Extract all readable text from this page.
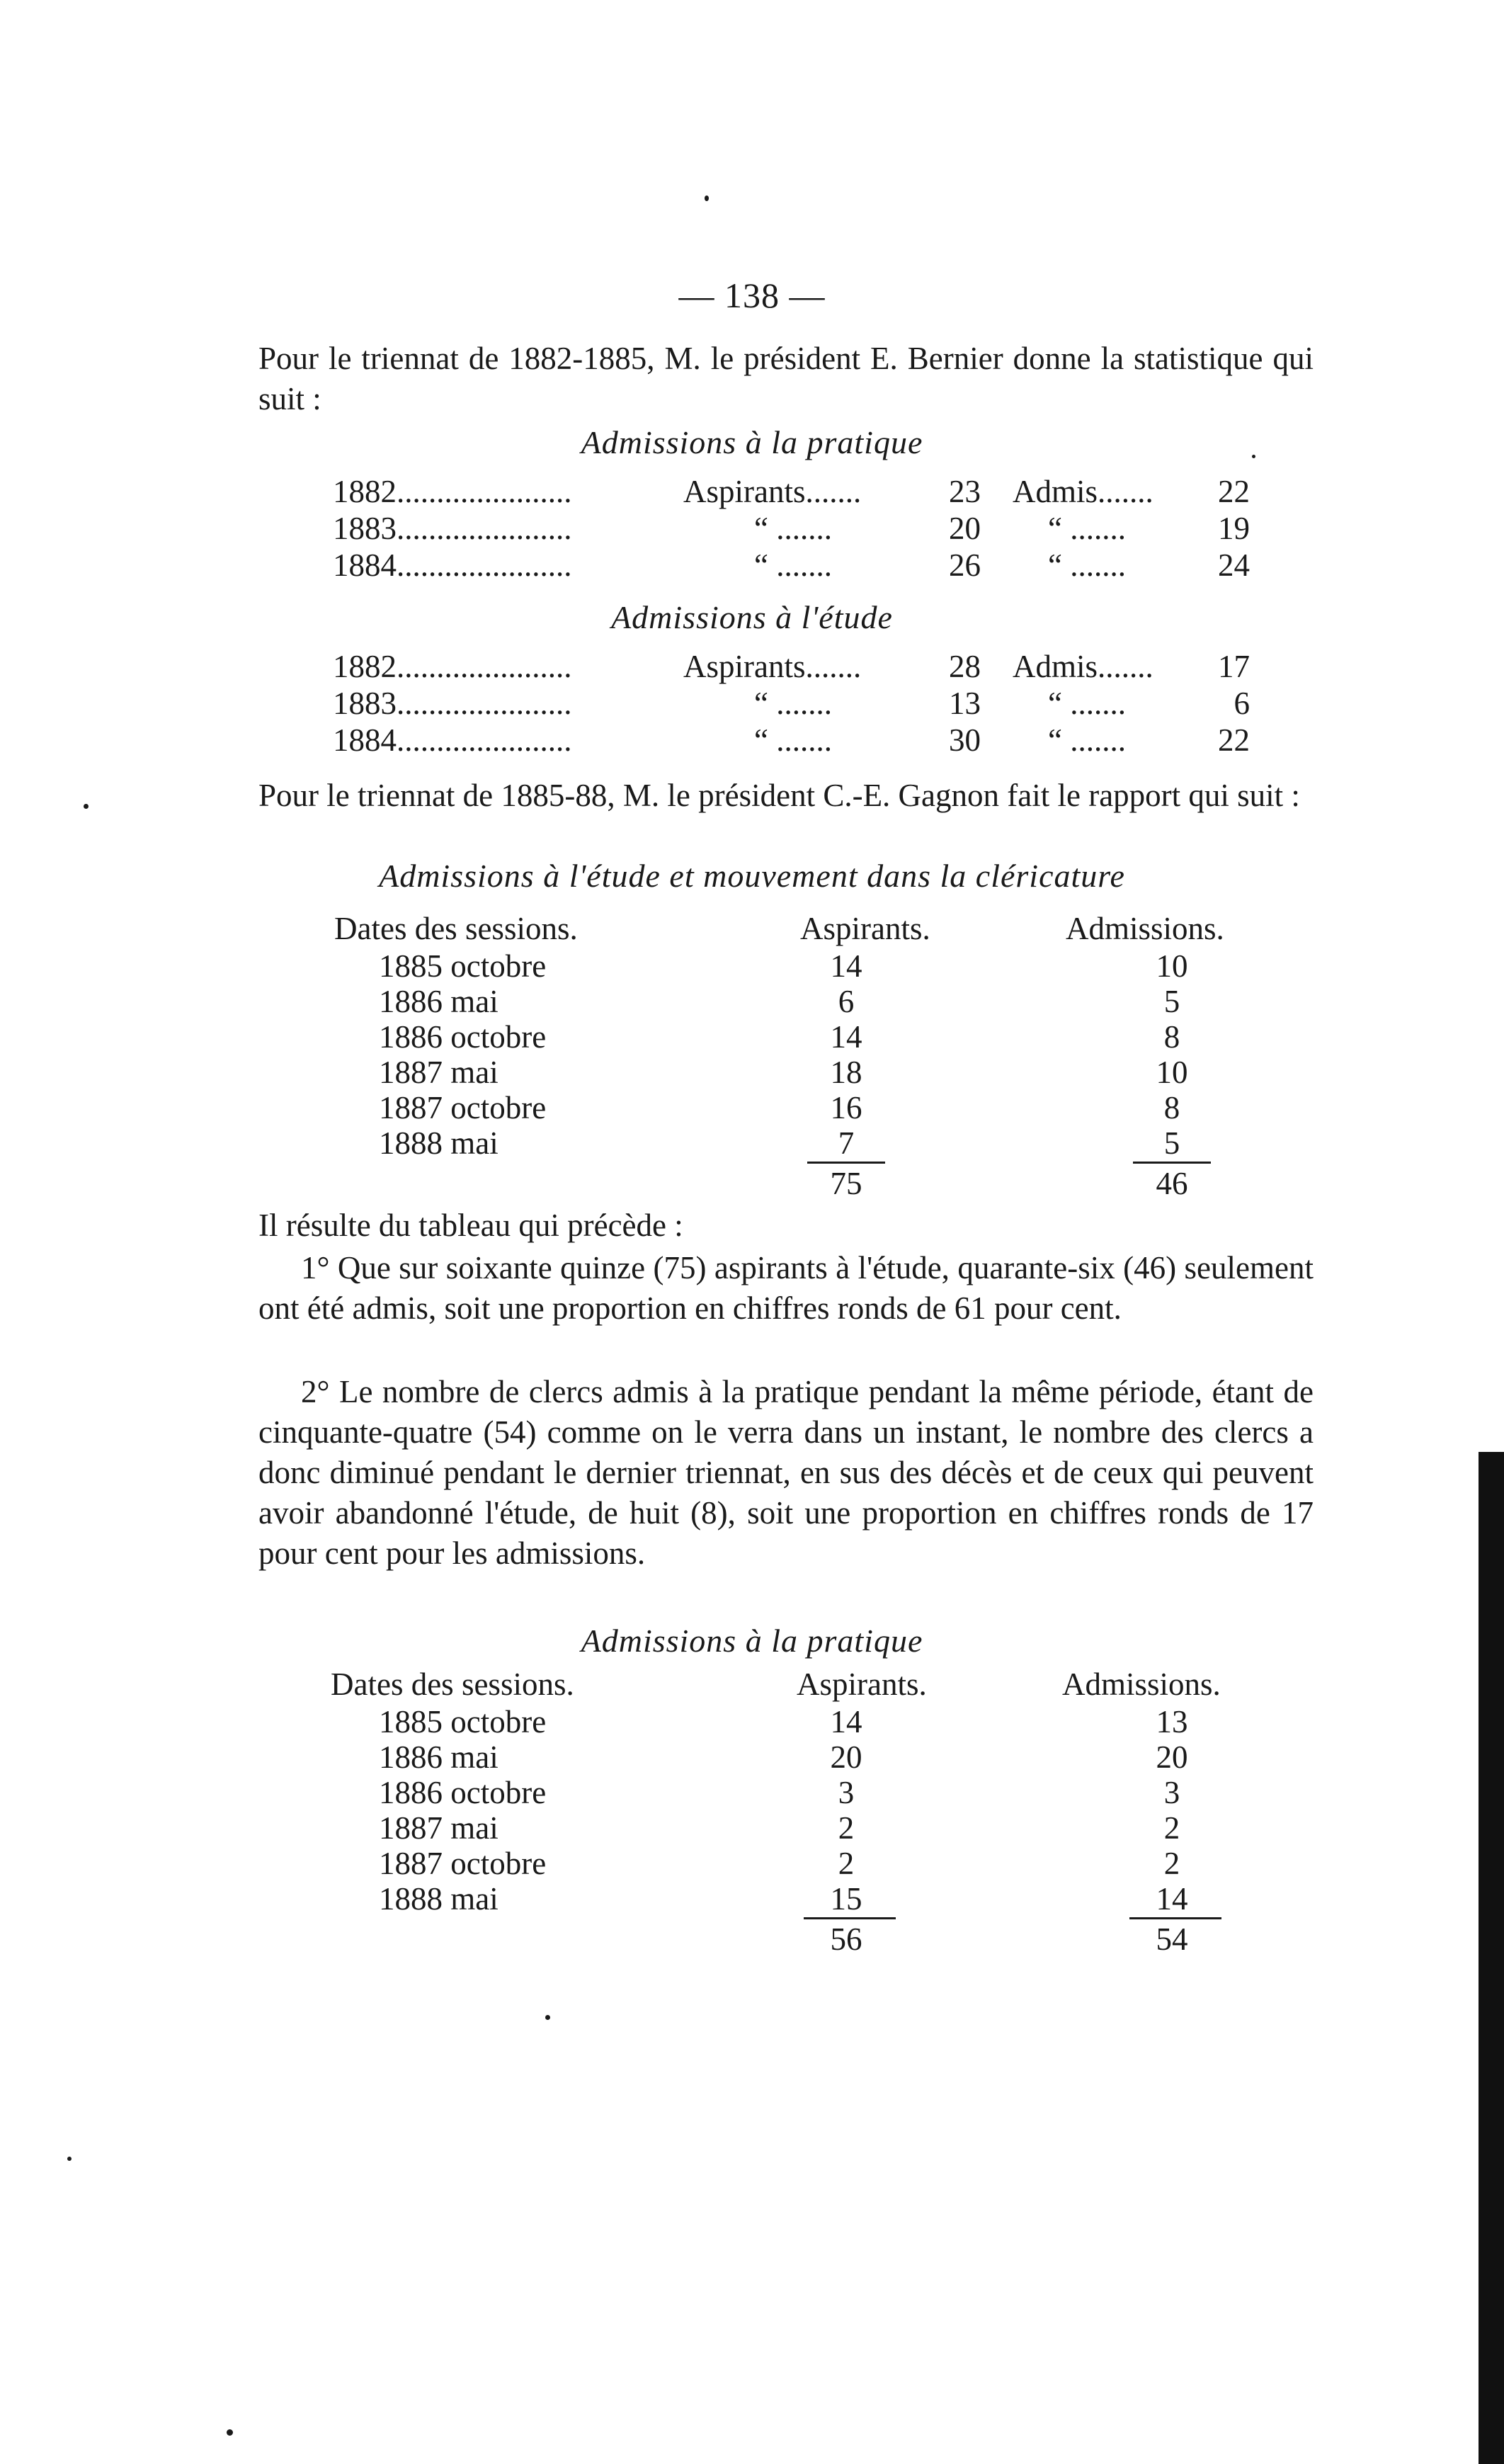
— 138 —
Pour le triennat de 1882-1885, M. le président E. Bernier donne la statistique qui suit :
Admissions à la pratique
1882......................	Aspirants.......	23 Admis.......	22
1883......................	“ .......	20 “ .......	19
1884......................	“ .......	26 “ .......	24
Admissions à l'étude
1882......................	Aspirants.......	28 Admis.......	17
1883......................	“ .......	13 “ .......	6
1884......................	“ .......	30 “ .......	22
Pour le triennat de 1885-88, M. le président C.-E. Gagnon fait le rapport qui suit :
Admissions à l'étude et mouvement dans la cléricature
Dates des sessions.	Aspirants.	Admissions.
1885 octobre	14	10
1886 mai	6	5
1886 octobre	14	8
1887 mai	18	10
1887 octobre	16	8
1888 mai	7	5
75	46
Il résulte du tableau qui précède :
1° Que sur soixante quinze (75) aspirants à l'étude, quarante-six (46) seulement ont été admis, soit une proportion en chiffres ronds de 61 pour cent.
2° Le nombre de clercs admis à la pratique pendant la même période, étant de cinquante-quatre (54) comme on le verra dans un instant, le nombre des clercs a donc diminué pendant le dernier triennat, en sus des décès et de ceux qui peuvent avoir abandonné l'étude, de huit (8), soit une proportion en chiffres ronds de 17 pour cent pour les admissions.
Admissions à la pratique
Dates des sessions.	Aspirants.	Admissions.
1885 octobre	14	13
1886 mai	20	20
1886 octobre	3	3
1887 mai	2	2
1887 octobre	2	2
1888 mai	15	14
56	54
